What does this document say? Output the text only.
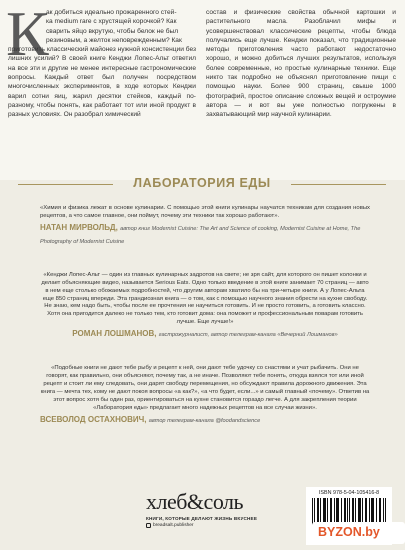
К

ак добиться идеально прожаренного стей-

ка medium rare с хрустящей корочкой? Как

сварить яйцо вкрутую, чтобы белок не был

резиновым, а желток неповрежденным? Как

приготовить классический майонез нужной консистенции без лишних усилий? В своей книге Кенджи Лопес-Альт ответил на все эти и другие не менее интересные гастрономические вопросы. Каждый ответ был получен посредством многочисленных экспериментов, в ходе которых Кенджи варил сотни яиц, жарил десятки стейков, каждый по-разному, чтобы понять, как работает тот или иной продукт в разных условиях. Он разобрал химический

состав и физические свойства обычной картошки и растительного масла. Разоблачил мифы и усовершенствовал классические рецепты, чтобы блюда получались еще лучше. Кенджи показал, что традиционные методы приготовления часто работают недостаточно хорошо, и можно добиться лучших результатов, используя более современные, но простые кулинарные техники. Еще никто так подробно не объяснял приготовление пищи с помощью науки. Более 900 страниц, свыше 1000 фотографий, простое описание сложных вещей и остроумие автора — и вот вы уже полностью погружены в захватывающий мир научной кулинарии.

ЛАБОРАТОРИЯ ЕДЫ

«Химия и физика лежат в основе кулинарии. С помощью этой книги кулинары научатся техникам для создания новых рецептов, а что самое главное, они поймут, почему эти техники так хорошо работают».

НАТАН МИРВОЛЬД, автор книг Modernist Cuisine: The Art and Science of cooking, Modernist Cuisine at Home, The Photography of Modernist Cuisine

«Кенджи Лопес-Альт — один из главных кулинарных задротов на свете; не зря сайт, для которого он пишет колонки и делает объясняющие видео, называется Serious Eats. Одно только введение в этой книге занимает 70 страниц — авто в нем еще столько обожаемых подробностей, что другим авторам хватило бы на три-четыре книги. А у Лопес-Альта еще 850 страниц впереди. Эта грандиозная книга — о том, как с помощью научного знания обрести на кухне свободу. Не знаю, кем надо быть, чтобы после ее прочтения не научиться готовить. И не просто готовить, а готовить классно. Хотя она пригодится далеко не только тем, кто готовит дома: она поможет и профессиональным поварам готовить лучше. Еще лучше!»

РОМАН ЛОШМАНОВ, гастрожурналист, автор телеграм-канала «Вечерний Лошманов»

«Подобные книги не дают тебе рыбу и рецепт к ней, они дают тебе удочку со снастями и учат рыбачить. Они не говорят, как правильно, они объясняют, почему так, а не иначе. Позволяют тебе понять, откуда взялся тот или иной рецепт и стоит ли ему следовать, они дарят свободу перемещения, но обсуждают правила дорожного движения. Эта книга — мечта тех, кому не дают покоя вопросы «а как?», «а что будет, если...» и самый главный «почему». Ответив на этот вопрос хотя бы один раз, ориентироваться на кухне становится гораздо легче. А для закрепления теории «Лаборатория еды» предлагает много надежных рецептов на все случаи жизни».

ВСЕВОЛОД ОСТАХНОВИЧ, автор телеграм-канала @foodandscience
хлеб&соль
КНИГИ, КОТОРЫЕ ДЕЛАЮТ ЖИЗНЬ ВКУСНЕЕ
breadsalt.publisher
ISBN 978-5-04-105416-8
BYZON.by
